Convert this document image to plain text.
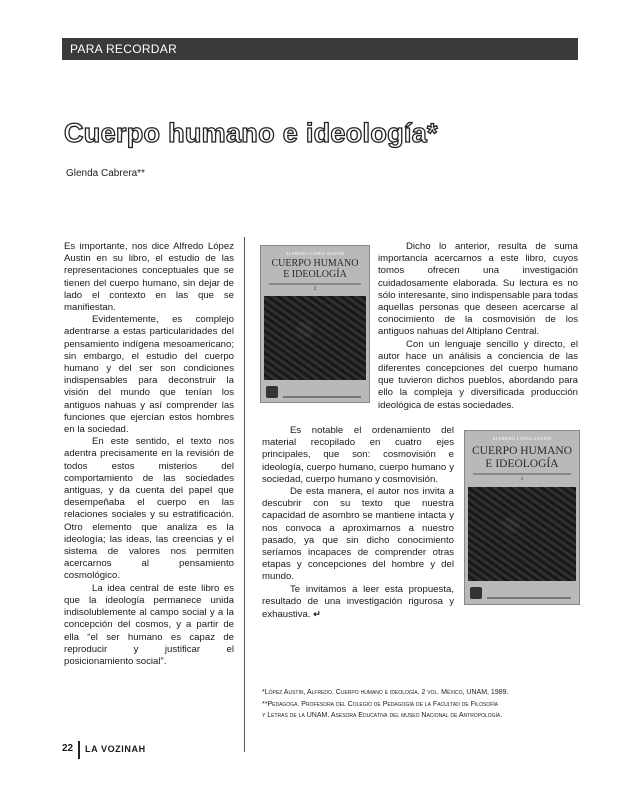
PARA RECORDAR
Cuerpo humano e ideología*
Glenda Cabrera**

Es importante, nos dice Alfredo López Austin en su libro, el estudio de las representaciones conceptuales que se tienen del cuerpo humano, sin dejar de lado el contexto en las que se manifiestan.

Evidentemente, es complejo adentrarse a estas particularidades del pensamiento indígena mesoamericano; sin embargo, el estudio del cuerpo humano y del ser son condiciones indispensables para deconstruir la visión del mundo que tenían los antiguos nahuas y así comprender las funciones que ejercían estos hombres en la sociedad.

En este sentido, el texto nos adentra precisamente en la revisión de todos estos misterios del comportamiento de las sociedades antiguas, y da cuenta del papel que desempeñaba el cuerpo en las relaciones sociales y su estratificación. Otro elemento que analiza es la ideología; las ideas, las creencias y el sistema de valores nos permiten acercarnos al pensamiento cosmológico.

La idea central de este libro es que la ideología permanece unida indisolublemente al campo social y a la concepción del cosmos, y a partir de ella “el ser humano es capaz de reproducir y justificar el posicionamiento social”.

ALFREDO LÓPEZ AUSTIN
CUERPO HUMANO
E IDEOLOGÍA
2

Dicho lo anterior, resulta de suma importancia acercarnos a este libro, cuyos tomos ofrecen una investigación cuidadosamente elaborada. Su lectura es no sólo interesante, sino indispensable para todas aquellas personas que deseen acercarse al conocimiento de la cosmovisión de los antiguos nahuas del Altiplano Central.

Con un lenguaje sencillo y directo, el autor hace un análisis a conciencia de las diferentes concepciones del cuerpo humano que tuvieron dichos pueblos, abordando para ello la compleja y diversificada producción ideológica de estas sociedades.

Es notable el ordenamiento del material recopilado en cuatro ejes principales, que son: cosmovisión e ideología, cuerpo humano, cuerpo humano y sociedad, cuerpo humano y cosmovisión.

De esta manera, el autor nos invita a descubrir con su texto que nuestra capacidad de asombro se mantiene intacta y nos convoca a aproximarnos a nuestro pasado, ya que sin dicho conocimiento seríamos incapaces de comprender otras etapas y concepciones del hombre y del mundo.

Te invitamos a leer esta propuesta, resultado de una investigación rigurosa y exhaustiva. ↵

ALFREDO LÓPEZ AUSTIN
CUERPO HUMANO
E IDEOLOGÍA
1
*López Austin, Alfredo. Cuerpo humano e ideología. 2 vol. México, UNAM, 1989.
**Pedagoga. Profesora del Colegio de Pedagogía de la Facultad de Filosofía
y Letras de la UNAM. Asesora Educativa del museo Nacional de Antropología.
22 LA VOZINAH
